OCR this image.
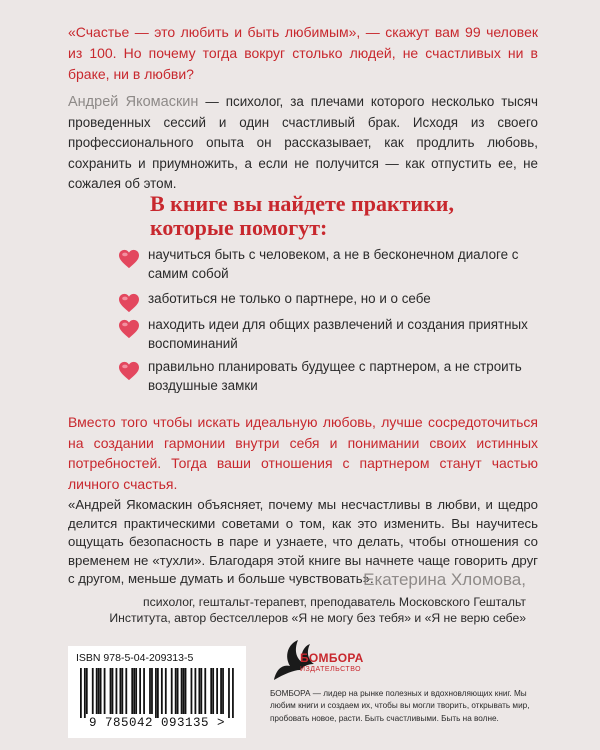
«Счастье — это любить и быть любимым», — скажут вам 99 человек из 100. Но почему тогда вокруг столько людей, не счастливых ни в браке, ни в любви?

Андрей Якомаскин — психолог, за плечами которого несколько тысяч проведенных сессий и один счастливый брак. Исходя из своего профессионального опыта он рассказывает, как продлить любовь, сохранить и приумножить, а если не получится — как отпустить ее, не сожалея об этом.

В книге вы найдете практики, которые помогут:
научиться быть с человеком, а не в бесконечном диалоге с самим собой
заботиться не только о партнере, но и о себе
находить идеи для общих развлечений и создания приятных воспоминаний
правильно планировать будущее с партнером, а не строить воздушные замки

Вместо того чтобы искать идеальную любовь, лучше сосредоточиться на создании гармонии внутри себя и понимании своих истинных потребностей. Тогда ваши отношения с партнером станут частью личного счастья.

«Андрей Якомаскин объясняет, почему мы несчастливы в любви, и щедро делится практическими советами о том, как это изменить. Вы научитесь ощущать безопасность в паре и узнаете, что делать, чтобы отношения со временем не «тухли». Благодаря этой книге вы начнете чаще говорить друг с другом, меньше думать и больше чувствовать».

Екатерина Хломова,

психолог, гештальт-терапевт, преподаватель Московского Гештальт Института, автор бестселлеров «Я не могу без тебя» и «Я не верю себе»

ISBN 978-5-04-209313-5
9 785042 093135 >
БОМБОРА
ИЗДАТЕЛЬСТВО

БОМБОРА — лидер на рынке полезных и вдохновляющих книг. Мы любим книги и создаем их, чтобы вы могли творить, открывать мир, пробовать новое, расти. Быть счастливыми. Быть на волне.
